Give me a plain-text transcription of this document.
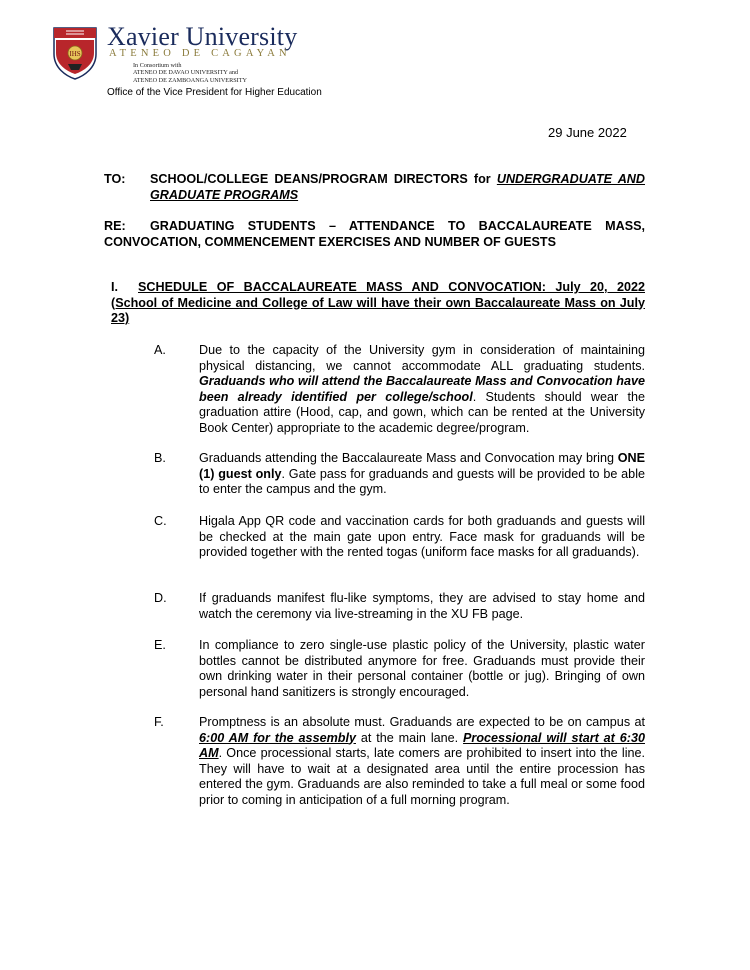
IHS
Xavier University
ATENEO DE CAGAYAN
In Consortium with
ATENEO DE DAVAO UNIVERSITY and
ATENEO DE ZAMBOANGA UNIVERSITY
Office of the Vice President for Higher Education
29 June 2022
TO: SCHOOL/COLLEGE DEANS/PROGRAM DIRECTORS for UNDERGRADUATE AND GRADUATE PROGRAMS
RE: GRADUATING STUDENTS – ATTENDANCE TO BACCALAUREATE MASS, CONVOCATION, COMMENCEMENT EXERCISES AND NUMBER OF GUESTS
I. SCHEDULE OF BACCALAUREATE MASS AND CONVOCATION: July 20, 2022 (School of Medicine and College of Law will have their own Baccalaureate Mass on July 23)
A.	Due to the capacity of the University gym in consideration of maintaining physical distancing, we cannot accommodate ALL graduating students. Graduands who will attend the Baccalaureate Mass and Convocation have been already identified per college/school. Students should wear the graduation attire (Hood, cap, and gown, which can be rented at the University Book Center) appropriate to the academic degree/program.
B.	Graduands attending the Baccalaureate Mass and Convocation may bring ONE (1) guest only. Gate pass for graduands and guests will be provided to be able to enter the campus and the gym.
C.	Higala App QR code and vaccination cards for both graduands and guests will be checked at the main gate upon entry. Face mask for graduands will be provided together with the rented togas (uniform face masks for all graduands).
D.	If graduands manifest flu-like symptoms, they are advised to stay home and watch the ceremony via live-streaming in the XU FB page.
E.	In compliance to zero single-use plastic policy of the University, plastic water bottles cannot be distributed anymore for free. Graduands must provide their own drinking water in their personal container (bottle or jug). Bringing of own personal hand sanitizers is strongly encouraged.
F.	Promptness is an absolute must. Graduands are expected to be on campus at 6:00 AM for the assembly at the main lane. Processional will start at 6:30 AM. Once processional starts, late comers are prohibited to insert into the line. They will have to wait at a designated area until the entire procession has entered the gym. Graduands are also reminded to take a full meal or some food prior to coming in anticipation of a full morning program.
